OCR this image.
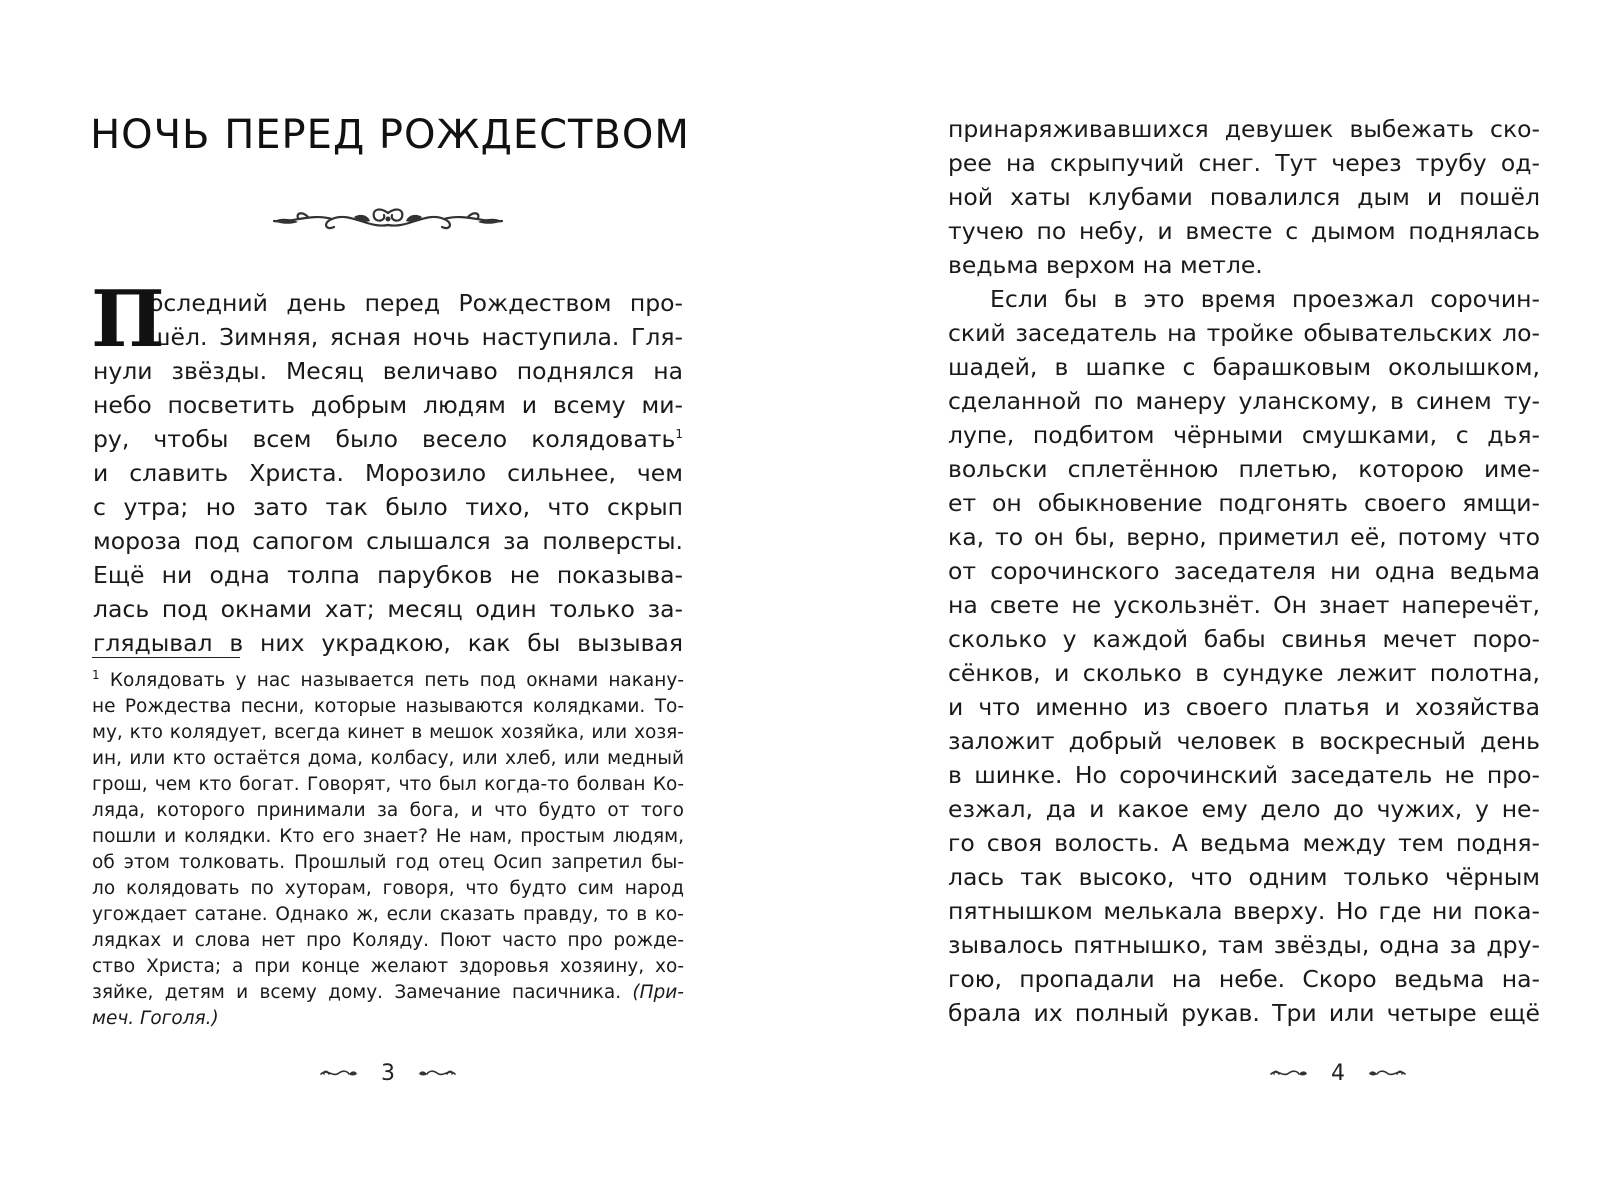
НОЧЬ ПЕРЕД РОЖДЕСТВОМ
П
оследний день перед Рождеством про-
шёл. Зимняя, ясная ночь наступила. Гля-
нули звёзды. Месяц величаво поднялся на
небо посветить добрым людям и всему ми-
ру, чтобы всем было весело колядовать$^1$
и славить Христа. Морозило сильнее, чем
с утра; но зато так было тихо, что скрып
мороза под сапогом слышался за полверсты.
Ещё ни одна толпа парубков не показыва-
лась под окнами хат; месяц один только за-
глядывал в них украдкою, как бы вызывая
$^1$ Колядовать у нас называется петь под окнами накану-
не Рождества песни, которые называются колядками. То-
му, кто колядует, всегда кинет в мешок хозяйка, или хозя-
ин, или кто остаётся дома, колбасу, или хлеб, или медный
грош, чем кто богат. Говорят, что был когда-то болван Ко-
ляда, которого принимали за бога, и что будто от того
пошли и колядки. Кто его знает? Не нам, простым людям,
об этом толковать. Прошлый год отец Осип запретил бы-
ло колядовать по хуторам, говоря, что будто сим народ
угождает сатане. Однако ж, если сказать правду, то в ко-
лядках и слова нет про Коляду. Поют часто про рожде-
ство Христа; а при конце желают здоровья хозяину, хо-
зяйке, детям и всему дому. Замечание пасичника. (При-
меч. Гоголя.)
3
принаряживавшихся девушек выбежать ско-
рее на скрыпучий снег. Тут через трубу од-
ной хаты клубами повалился дым и пошёл
тучею по небу, и вместе с дымом поднялась
ведьма верхом на метле.
Если бы в это время проезжал сорочин-
ский заседатель на тройке обывательских ло-
шадей, в шапке с барашковым околышком,
сделанной по манеру уланскому, в синем ту-
лупе, подбитом чёрными смушками, с дья-
вольски сплетённою плетью, которою име-
ет он обыкновение подгонять своего ямщи-
ка, то он бы, верно, приметил её, потому что
от сорочинского заседателя ни одна ведьма
на свете не ускользнёт. Он знает наперечёт,
сколько у каждой бабы свинья мечет поро-
сёнков, и сколько в сундуке лежит полотна,
и что именно из своего платья и хозяйства
заложит добрый человек в воскресный день
в шинке. Но сорочинский заседатель не про-
езжал, да и какое ему дело до чужих, у не-
го своя волость. А ведьма между тем подня-
лась так высоко, что одним только чёрным
пятнышком мелькала вверху. Но где ни пока-
зывалось пятнышко, там звёзды, одна за дру-
гою, пропадали на небе. Скоро ведьма на-
брала их полный рукав. Три или четыре ещё
4
